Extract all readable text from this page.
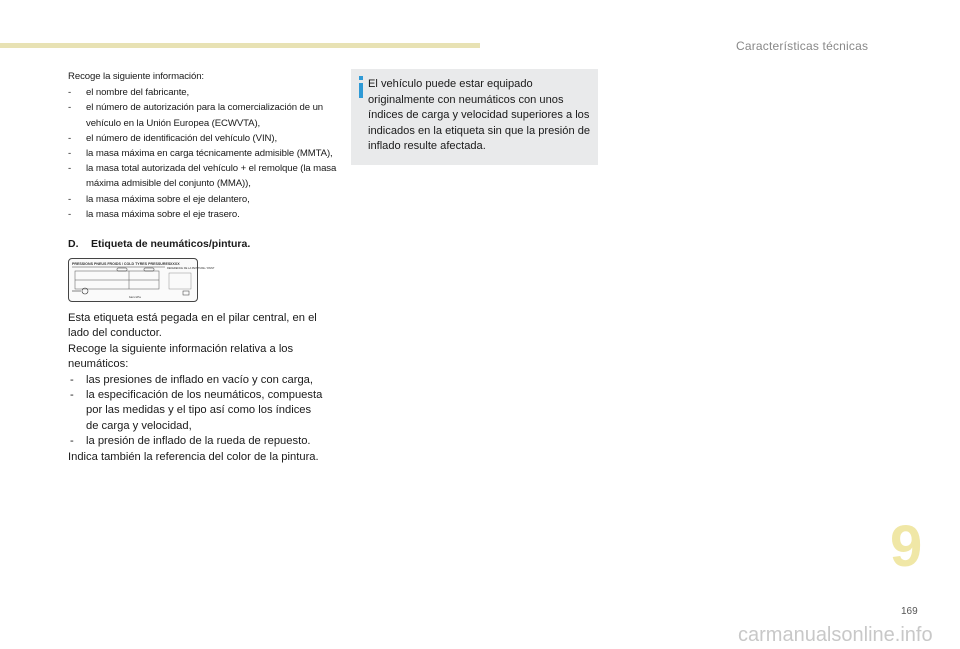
Características técnicas

Recoge la siguiente información:

- el nombre del fabricante,
- el número de autorización para la comercialización de un vehículo en la Unión Europea (ECWVTA),
- el número de identificación del vehículo (VIN),
- la masa máxima en carga técnicamente admisible (MMTA),
- la masa total autorizada del vehículo + el remolque (la masa máxima admisible del conjunto (MMA)),
- la masa máxima sobre el eje delantero,
- la masa máxima sobre el eje trasero.
D. Etiqueta de neumáticos/pintura.
PRESSIONS PNEUS FROIDS / COLD TYRES PRESSURES XXXX
REFERENCE DE LA PEINTURE / PAINT
bars kPa

Esta etiqueta está pegada en el pilar central, en el lado del conductor.

Recoge la siguiente información relativa a los neumáticos:

- las presiones de inflado en vacío y con carga,
- la especificación de los neumáticos, compuesta por las medidas y el tipo así como los índices de carga y velocidad,
- la presión de inflado de la rueda de repuesto.

Indica también la referencia del color de la pintura.

El vehículo puede estar equipado originalmente con neumáticos con unos índices de carga y velocidad superiores a los indicados en la etiqueta sin que la presión de inflado resulte afectada.
9
169
carmanualsonline.info
